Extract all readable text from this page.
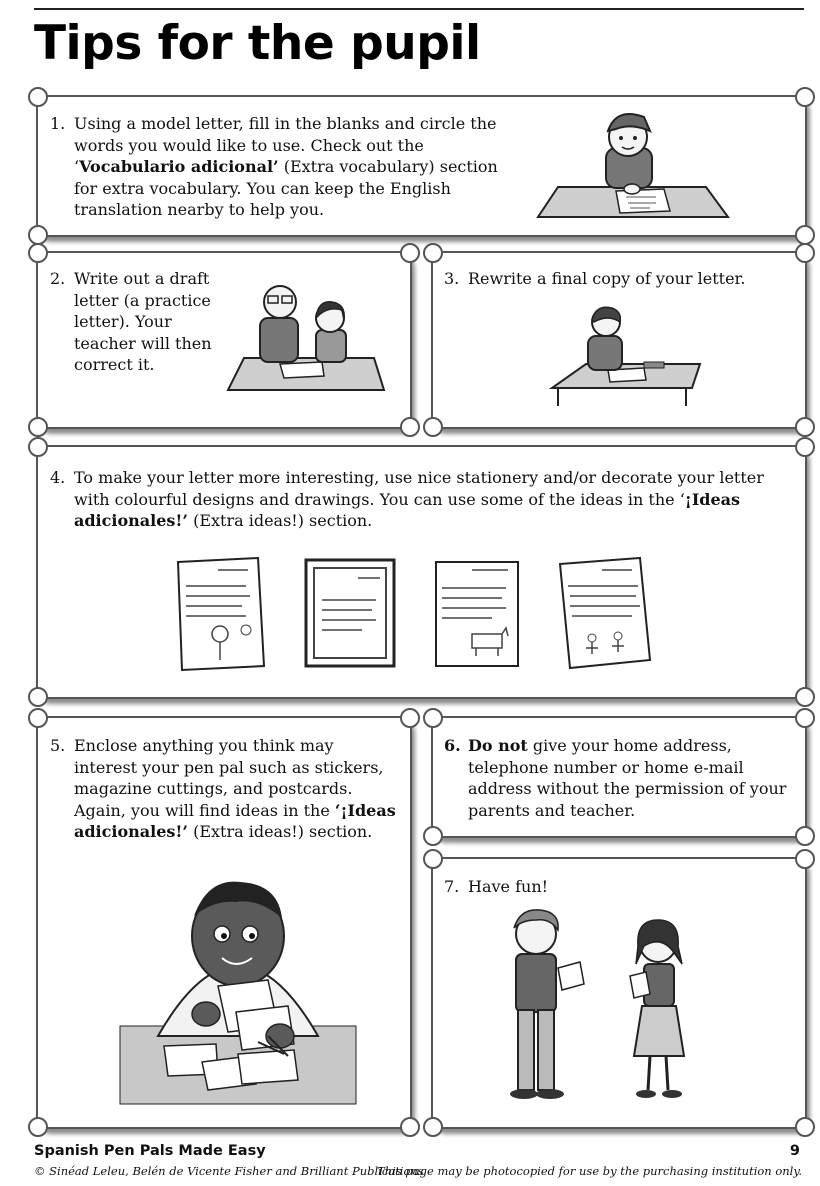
Tips for the pupil
1. Using a model letter, fill in the blanks and circle the words you would like to use. Check out the ‘Vocabulario adicional’ (Extra vocabulary) section for extra vocabulary. You can keep the English translation nearby to help you.
2. Write out a draft letter (a practice letter). Your teacher will then correct it.
3. Rewrite a final copy of your letter.
4. To make your letter more interesting, use nice stationery and/or decorate your letter with colourful designs and drawings. You can use some of the ideas in the ‘¡Ideas adicionales!’ (Extra ideas!) section.
5. Enclose anything you think may interest your pen pal such as stickers, magazine cuttings, and postcards. Again, you will find ideas in the ‘¡Ideas adicionales!’ (Extra ideas!) section.
6. Do not give your home address, telephone number or home e-mail address without the permission of your parents and teacher.
7. Have fun!
Spanish Pen Pals Made Easy	9
© Sinéad Leleu, Belén de Vicente Fisher and Brilliant Publications
This page may be photocopied for use by the purchasing institution only.
